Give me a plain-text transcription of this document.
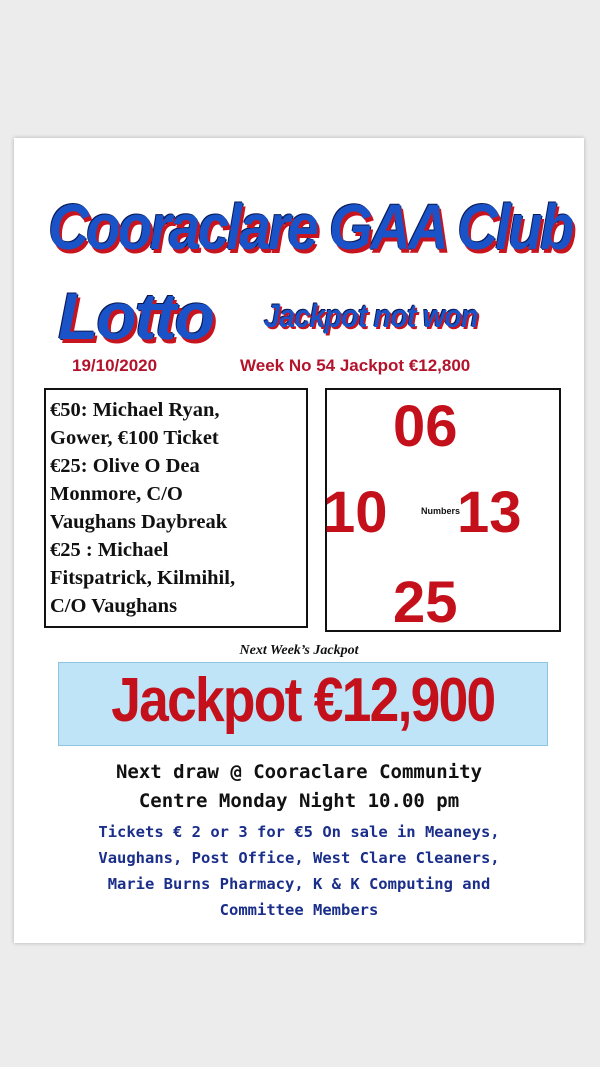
Cooraclare GAA Club
Lotto Jackpot not won
19/10/2020	Week No 54 Jackpot €12,800

€50: Michael Ryan,

Gower, €100 Ticket

€25: Olive O Dea

Monmore, C/O

Vaughans Daybreak

€25 : Michael

Fitspatrick, Kilmihil,

C/O Vaughans

06
10	Numbers
13
25
Next Week’s Jackpot
Jackpot €12,900
Next draw @ Cooraclare Community
Centre Monday Night 10.00 pm
Tickets € 2 or 3 for €5 On sale in Meaneys,
Vaughans, Post Office, West Clare Cleaners,
Marie Burns Pharmacy, K & K Computing and
Committee Members
